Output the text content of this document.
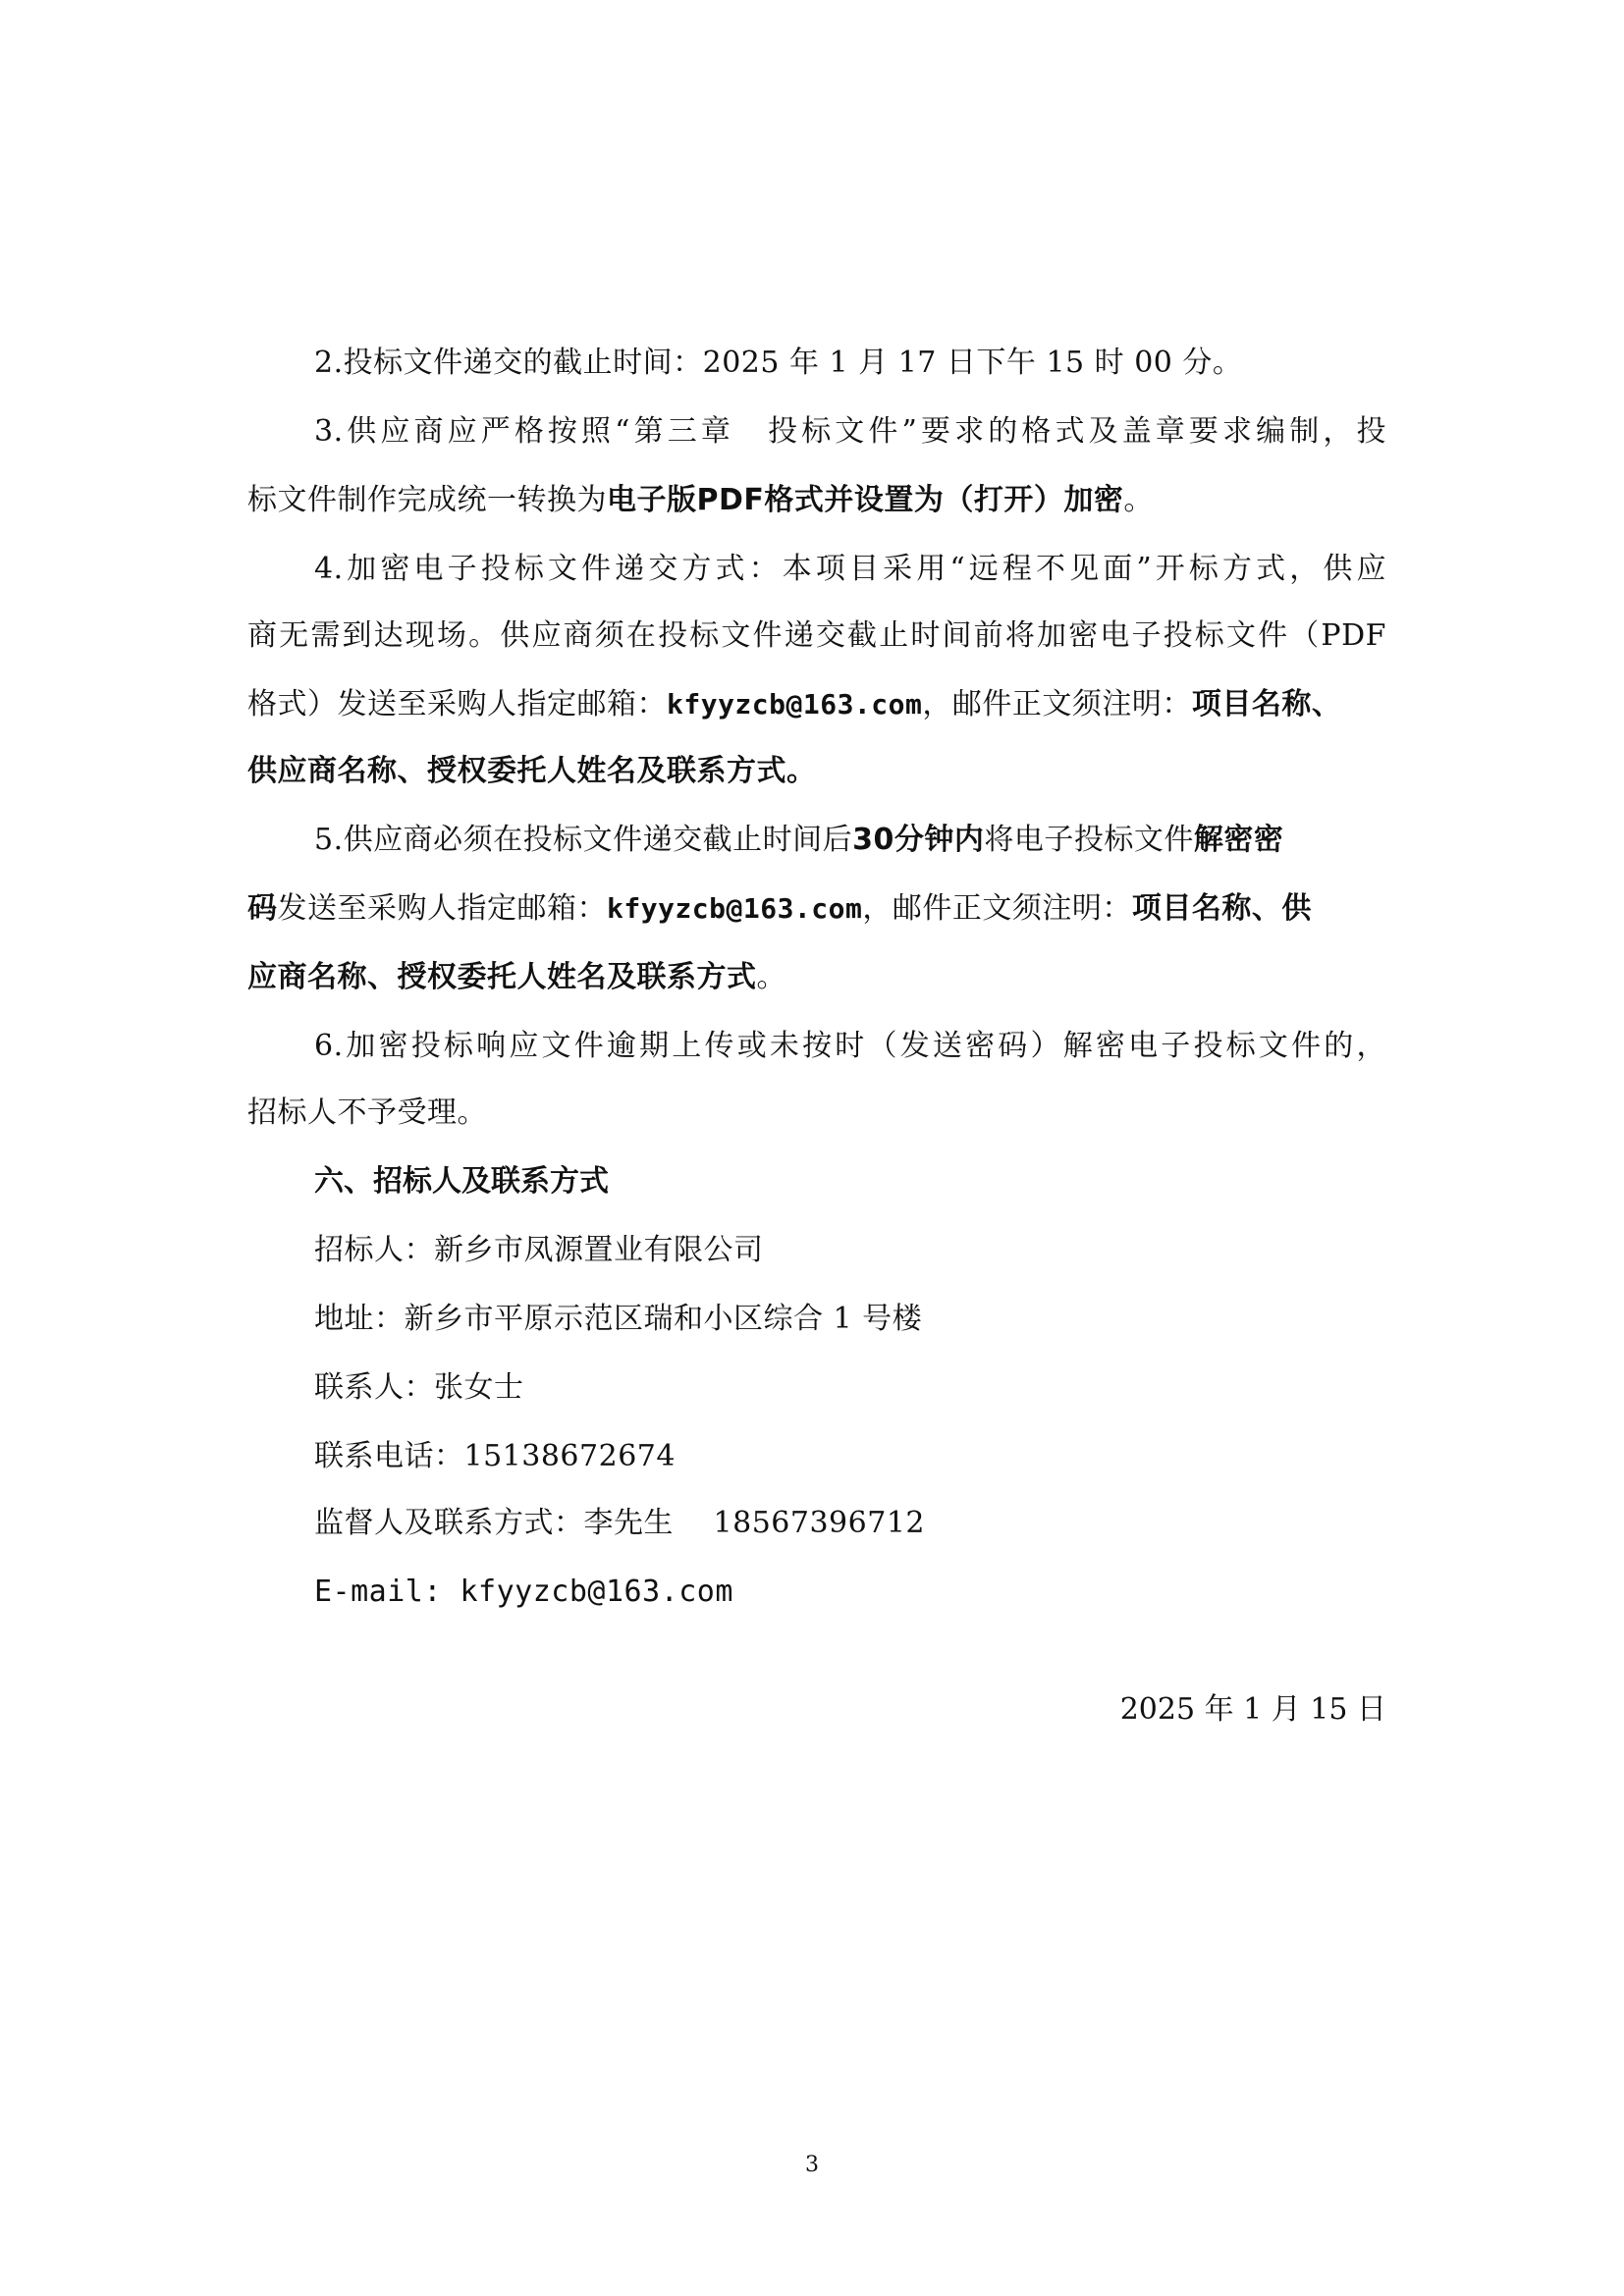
2.投标文件递交的截止时间：2025 年 1 月 17 日下午 15 时 00 分。
3.供应商应严格按照“第三章　投标文件”要求的格式及盖章要求编制，投
标文件制作完成统一转换为电子版PDF格式并设置为（打开）加密。
4.加密电子投标文件递交方式：本项目采用“远程不见面”开标方式，供应
商无需到达现场。供应商须在投标文件递交截止时间前将加密电子投标文件（PDF
格式）发送至采购人指定邮箱：kfyyzcb@163.com，邮件正文须注明：项目名称、
供应商名称、授权委托人姓名及联系方式。
5.供应商必须在投标文件递交截止时间后30分钟内将电子投标文件解密密
码发送至采购人指定邮箱：kfyyzcb@163.com，邮件正文须注明：项目名称、供
应商名称、授权委托人姓名及联系方式。
6.加密投标响应文件逾期上传或未按时（发送密码）解密电子投标文件的，
招标人不予受理。
六、招标人及联系方式
招标人：新乡市凤源置业有限公司
地址：新乡市平原示范区瑞和小区综合 1 号楼
联系人：张女士
联系电话：15138672674
监督人及联系方式：李先生　 18567396712
E-mail: kfyyzcb@163.com
2025 年 1 月 15 日
3
